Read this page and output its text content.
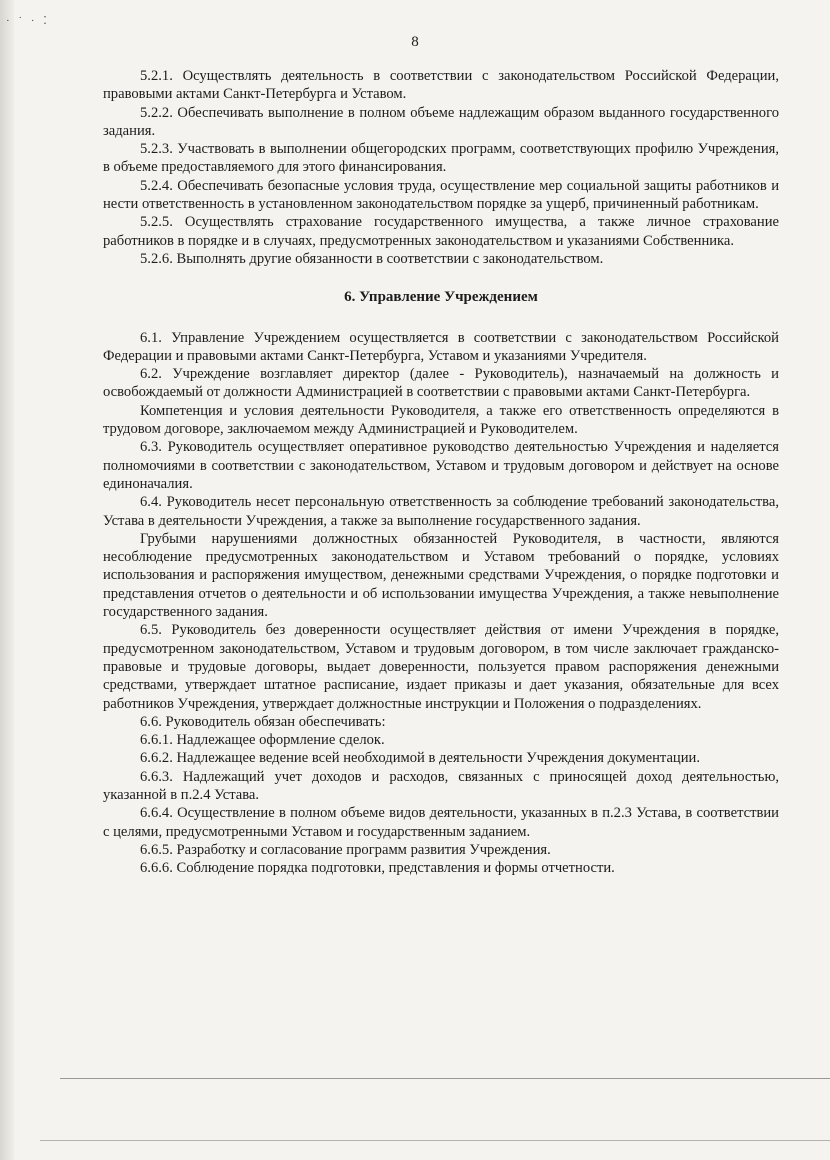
· ˙ · ⁚
8

5.2.1. Осуществлять деятельность в соответствии с законодательством Российской Федерации, правовыми актами Санкт-Петербурга и Уставом.

5.2.2. Обеспечивать выполнение в полном объеме надлежащим образом выданного государственного задания.

5.2.3. Участвовать в выполнении общегородских программ, соответствующих профилю Учреждения, в объеме предоставляемого для этого финансирования.

5.2.4. Обеспечивать безопасные условия труда, осуществление мер социальной защиты работников и нести ответственность в установленном законодательством порядке за ущерб, причиненный работникам.

5.2.5. Осуществлять страхование государственного имущества, а также личное страхование работников в порядке и в случаях, предусмотренных законодательством и указаниями Собственника.

5.2.6. Выполнять другие обязанности в соответствии с законодательством.

6. Управление Учреждением

6.1. Управление Учреждением осуществляется в соответствии с законодательством Российской Федерации и правовыми актами Санкт-Петербурга, Уставом и указаниями Учредителя.

6.2. Учреждение возглавляет директор (далее - Руководитель), назначаемый на должность и освобождаемый от должности Администрацией в соответствии с правовыми актами Санкт-Петербурга.

Компетенция и условия деятельности Руководителя, а также его ответственность определяются в трудовом договоре, заключаемом между Администрацией и Руководителем.

6.3. Руководитель осуществляет оперативное руководство деятельностью Учреждения и наделяется полномочиями в соответствии с законодательством, Уставом и трудовым договором и действует на основе единоначалия.

6.4. Руководитель несет персональную ответственность за соблюдение требований законодательства, Устава в деятельности Учреждения, а также за выполнение государственного задания.

Грубыми нарушениями должностных обязанностей Руководителя, в частности, являются несоблюдение предусмотренных законодательством и Уставом требований о порядке, условиях использования и распоряжения имуществом, денежными средствами Учреждения, о порядке подготовки и представления отчетов о деятельности и об использовании имущества Учреждения, а также невыполнение государственного задания.

6.5. Руководитель без доверенности осуществляет действия от имени Учреждения в порядке, предусмотренном законодательством, Уставом и трудовым договором, в том числе заключает гражданско-правовые и трудовые договоры, выдает доверенности, пользуется правом распоряжения денежными средствами, утверждает штатное расписание, издает приказы и дает указания, обязательные для всех работников Учреждения, утверждает должностные инструкции и Положения о подразделениях.

6.6. Руководитель обязан обеспечивать:

6.6.1. Надлежащее оформление сделок.

6.6.2. Надлежащее ведение всей необходимой в деятельности Учреждения документации.

6.6.3. Надлежащий учет доходов и расходов, связанных с приносящей доход деятельностью, указанной в п.2.4 Устава.

6.6.4. Осуществление в полном объеме видов деятельности, указанных в п.2.3 Устава, в соответствии с целями, предусмотренными Уставом и государственным заданием.

6.6.5. Разработку и согласование программ развития Учреждения.

6.6.6. Соблюдение порядка подготовки, представления и формы отчетности.
